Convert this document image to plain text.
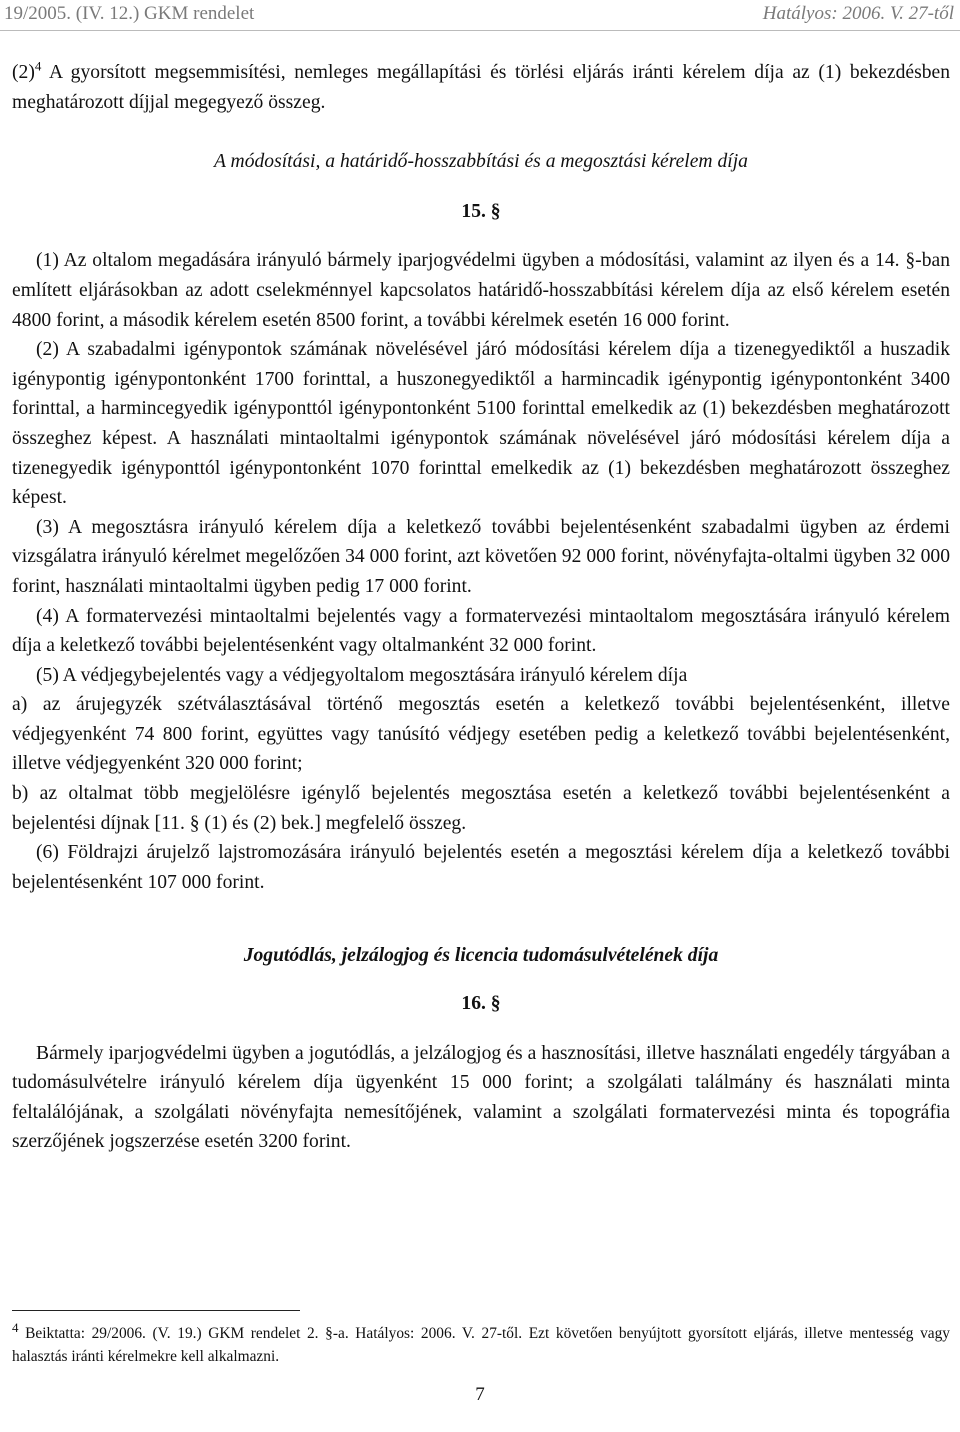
19/2005. (IV. 12.) GKM rendelet	Hatályos: 2006. V. 27-től

$(2)^4$ A gyorsított megsemmisítési, nemleges megállapítási és törlési eljárás iránti kérelem díja az (1) bekezdésben meghatározott díjjal megegyező összeg.

A módosítási, a határidő-hosszabbítási és a megosztási kérelem díja

15. §

(1) Az oltalom megadására irányuló bármely iparjogvédelmi ügyben a módosítási, valamint az ilyen és a 14. §-ban említett eljárásokban az adott cselekménnyel kapcsolatos határidő-hosszabbítási kérelem díja az első kérelem esetén 4800 forint, a második kérelem esetén 8500 forint, a további kérelmek esetén 16 000 forint.

(2) A szabadalmi igénypontok számának növelésével járó módosítási kérelem díja a tizenegyediktől a huszadik igénypontig igénypontonként 1700 forinttal, a huszonegyediktől a harmincadik igénypontig igénypontonként 3400 forinttal, a harmincegyedik igényponttól igénypontonként 5100 forinttal emelkedik az (1) bekezdésben meghatározott összeghez képest. A használati mintaoltalmi igénypontok számának növelésével járó módosítási kérelem díja a tizenegyedik igényponttól igénypontonként 1070 forinttal emelkedik az (1) bekezdésben meghatározott összeghez képest.

(3) A megosztásra irányuló kérelem díja a keletkező további bejelentésenként szabadalmi ügyben az érdemi vizsgálatra irányuló kérelmet megelőzően 34 000 forint, azt követően 92 000 forint, növényfajta-oltalmi ügyben 32 000 forint, használati mintaoltalmi ügyben pedig 17 000 forint.

(4) A formatervezési mintaoltalmi bejelentés vagy a formatervezési mintaoltalom megosztására irányuló kérelem díja a keletkező további bejelentésenként vagy oltalmanként 32 000 forint.

(5) A védjegybejelentés vagy a védjegyoltalom megosztására irányuló kérelem díja

a) az árujegyzék szétválasztásával történő megosztás esetén a keletkező további bejelentésenként, illetve védjegyenként 74 800 forint, együttes vagy tanúsító védjegy esetében pedig a keletkező további bejelentésenként, illetve védjegyenként 320 000 forint;

b) az oltalmat több megjelölésre igénylő bejelentés megosztása esetén a keletkező további bejelentésenként a bejelentési díjnak [11. § (1) és (2) bek.] megfelelő összeg.

(6) Földrajzi árujelző lajstromozására irányuló bejelentés esetén a megosztási kérelem díja a keletkező további bejelentésenként 107 000 forint.

Jogutódlás, jelzálogjog és licencia tudomásulvételének díja

16. §

Bármely iparjogvédelmi ügyben a jogutódlás, a jelzálogjog és a hasznosítási, illetve használati engedély tárgyában a tudomásulvételre irányuló kérelem díja ügyenként 15 000 forint; a szolgálati találmány és használati minta feltalálójának, a szolgálati növényfajta nemesítőjének, valamint a szolgálati formatervezési minta és topográfia szerzőjének jogszerzése esetén 3200 forint.

$^4$ Beiktatta: 29/2006. (V. 19.) GKM rendelet 2. §-a. Hatályos: 2006. V. 27-től. Ezt követően benyújtott gyorsított eljárás, illetve mentesség vagy halasztás iránti kérelmekre kell alkalmazni.
7
